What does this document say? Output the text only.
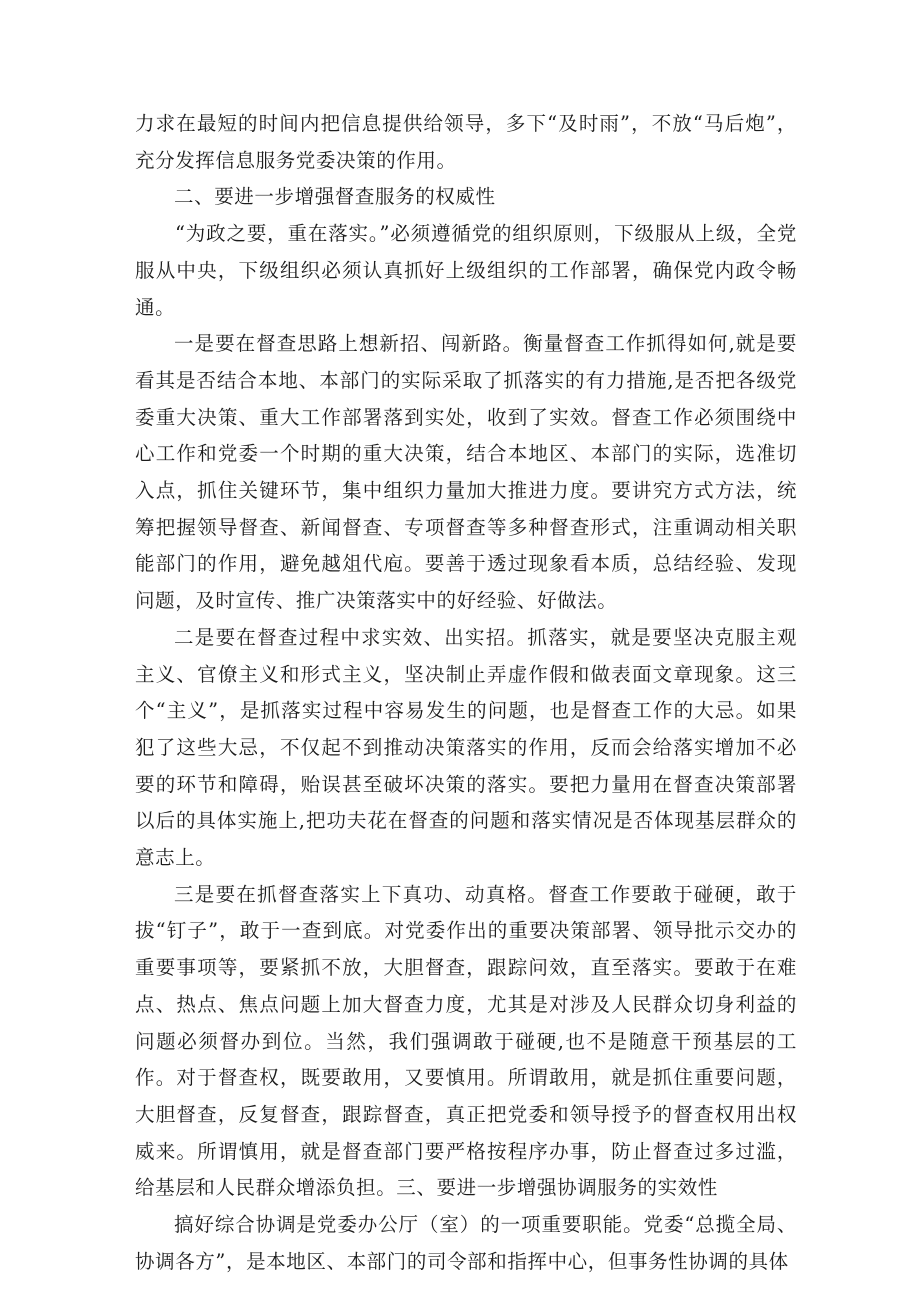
力求在最短的时间内把信息提供给领导，多下“及时雨”，不放“马后炮”，充分发挥信息服务党委决策的作用。

二、要进一步增强督查服务的权威性

“为政之要，重在落实。”必须遵循党的组织原则，下级服从上级，全党服从中央，下级组织必须认真抓好上级组织的工作部署，确保党内政令畅通。

一是要在督查思路上想新招、闯新路。衡量督查工作抓得如何,就是要看其是否结合本地、本部门的实际采取了抓落实的有力措施,是否把各级党委重大决策、重大工作部署落到实处，收到了实效。督查工作必须围绕中心工作和党委一个时期的重大决策，结合本地区、本部门的实际，选准切入点，抓住关键环节，集中组织力量加大推进力度。要讲究方式方法，统筹把握领导督查、新闻督查、专项督查等多种督查形式，注重调动相关职能部门的作用，避免越俎代庖。要善于透过现象看本质，总结经验、发现问题，及时宣传、推广决策落实中的好经验、好做法。

二是要在督查过程中求实效、出实招。抓落实，就是要坚决克服主观主义、官僚主义和形式主义，坚决制止弄虚作假和做表面文章现象。这三个“主义”，是抓落实过程中容易发生的问题，也是督查工作的大忌。如果犯了这些大忌，不仅起不到推动决策落实的作用，反而会给落实增加不必要的环节和障碍，贻误甚至破坏决策的落实。要把力量用在督查决策部署以后的具体实施上,把功夫花在督查的问题和落实情况是否体现基层群众的意志上。

三是要在抓督查落实上下真功、动真格。督查工作要敢于碰硬，敢于拔“钉子”，敢于一查到底。对党委作出的重要决策部署、领导批示交办的重要事项等，要紧抓不放，大胆督查，跟踪问效，直至落实。要敢于在难点、热点、焦点问题上加大督查力度，尤其是对涉及人民群众切身利益的问题必须督办到位。当然，我们强调敢于碰硬,也不是随意干预基层的工作。对于督查权，既要敢用，又要慎用。所谓敢用，就是抓住重要问题，大胆督查，反复督查，跟踪督查，真正把党委和领导授予的督查权用出权威来。所谓慎用，就是督查部门要严格按程序办事，防止督查过多过滥，给基层和人民群众增添负担。三、要进一步增强协调服务的实效性

搞好综合协调是党委办公厅（室）的一项重要职能。党委“总揽全局、协调各方”，是本地区、本部门的司令部和指挥中心，但事务性协调的具体
